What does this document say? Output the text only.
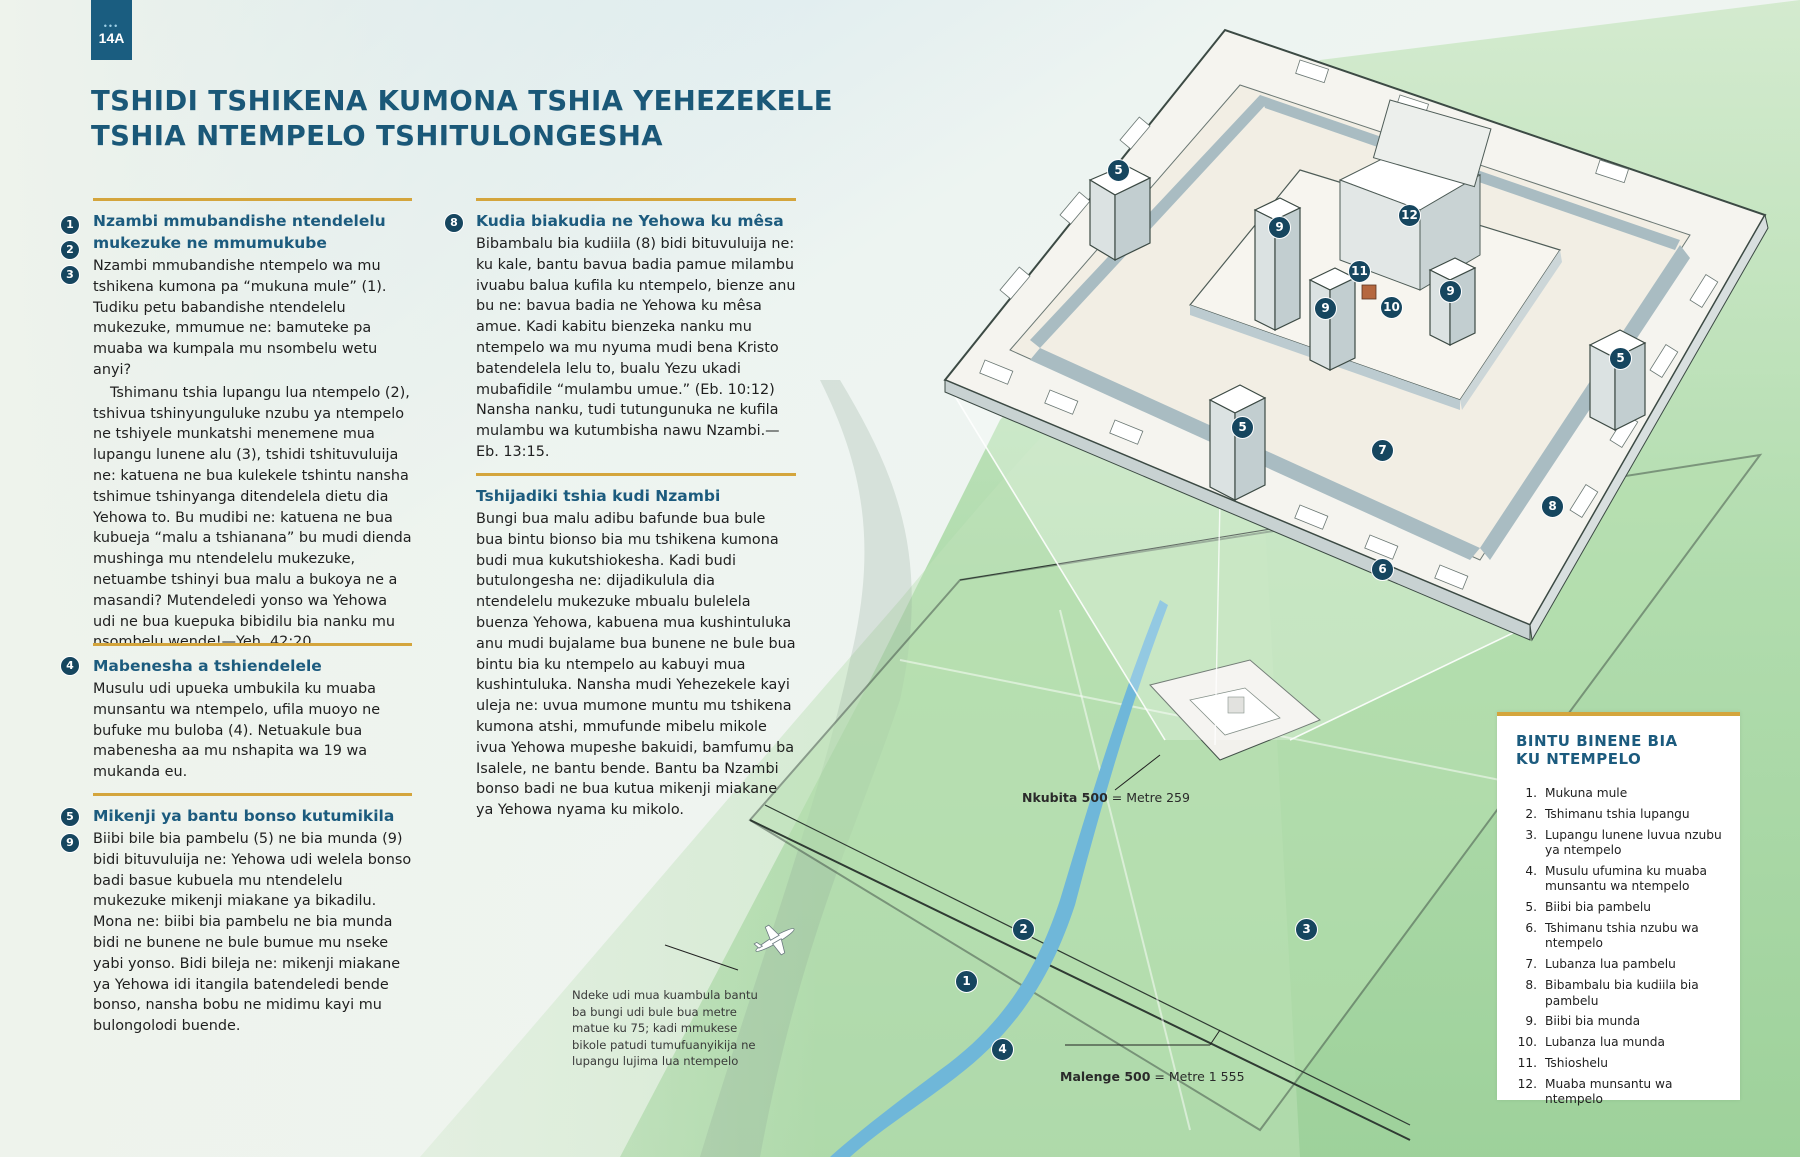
•••
14A
TSHIDI TSHIKENA KUMONA TSHIA YEHEZEKELE
TSHIA NTEMPELO TSHITULONGESHA
Nzambi mmubandishe ntendelelu mukezuke ne mmumukube

Nzambi mmubandishe ntempelo wa mu tshikena kumona pa “mukuna mule” (1). Tudiku petu babandishe ntendelelu mukezuke, mmumue ne: bamuteke pa muaba wa kumpala mu nsombelu wetu anyi?

Tshimanu tshia lupangu lua ntempelo (2), tshivua tshinyunguluke nzubu ya ntempelo ne tshiyele munkatshi menemene mua lupangu lunene alu (3), tshidi tshituvuluija ne: katuena ne bua kulekele tshintu nansha tshimue tshinyanga ditendelela dietu dia Yehowa to. Bu mudibi ne: katuena ne bua kubueja “malu a tshianana” bu mudi dienda mushinga mu ntendelelu mukezuke, netuambe tshinyi bua malu a bukoya ne a masandi? Mutendeledi yonso wa Yehowa udi ne bua kuepuka bibidilu bia nanku mu

1
2
3
Mabenesha a tshiendelele

Musulu udi upueka umbukila ku muaba munsantu wa ntempelo, ufila muoyo ne bufuke mu buloba (4). Netuakule bua mabenesha aa mu nshapita wa 19 wa mukanda eu.

4
Mikenji ya bantu bonso kutumikila

Biibi bile bia pambelu (5) ne bia munda (9) bidi bituvuluija ne: Yehowa udi welela bonso badi basue kubuela mu ntendelelu mukezuke mikenji miakane ya bikadilu. Mona ne: biibi bia pambelu ne bia munda bidi ne bunene ne bule bumue mu nseke yabi yonso. Bidi bileja ne: mikenji miakane ya Yehowa idi itangila batendeledi bende bonso, nansha bobu ne midimu kayi mu bulongolodi buende.

5
9
Kudia biakudia ne Yehowa ku mêsa

Bibambalu bia kudiila (8) bidi bituvuluija ne: ku kale, bantu bavua badia pamue milambu ivuabu balua kufila ku ntempelo, bienze anu bu ne: bavua badia ne Yehowa ku mêsa amue. Kadi kabitu bienzeka nanku mu ntempelo wa mu nyuma mudi bena Kristo batendelela lelu to, bualu Yezu ukadi mubafidile “mulambu umue.” (Eb. 10:12) Nansha nanku, tudi tutungunuka ne kufila mulambu wa kutumbisha nawu Nzambi.—Eb. 13:15.

8
Tshijadiki tshia kudi Nzambi

Bungi bua malu adibu bafunde bua bule bua bintu bionso bia mu tshikena kumona budi mua kukutshiokesha. Kadi budi butulongesha ne: dijadikulula dia ntendelelu mukezuke mbualu bulelela buenza Yehowa, kabuena mua kushintuluka anu mudi bujalame bua bunene ne bule bua bintu bia ku ntempelo au kabuyi mua kushintuluka. Nansha mudi Yehezekele kayi uleja ne: uvua mumone muntu mu tshikena kumona atshi, mmufunde mibelu mikole ivua Yehowa mupeshe bakuidi, bamfumu ba Isalele, ne bantu bende. Bantu ba Nzambi bonso badi ne bua kutua mikenji miakane ya Yehowa nyama ku mikolo.

1
2	3
4
5
5
5
6
7
8
9
9
9
10
11
12
Nkubita 500 = Metre 259
Malenge 500 = Metre 1 555
Ndeke udi mua kuambula bantu ba bungi udi bule bua metre matue ku 75; kadi mmukese bikole patudi tumufuanyikija ne lupangu lujima lua ntempelo
BINTU BINENE BIA
KU NTEMPELO
1. Mukuna mule
2. Tshimanu tshia lupangu
3. Lupangu lunene luvua nzubu ya ntempelo
4. Musulu ufumina ku muaba munsantu wa ntempelo
5. Biibi bia pambelu
6. Tshimanu tshia nzubu wa ntempelo
7. Lubanza lua pambelu
8. Bibambalu bia kudiila bia pambelu
9. Biibi bia munda
10. Lubanza lua munda
11. Tshioshelu
12. Muaba munsantu wa ntempelo
